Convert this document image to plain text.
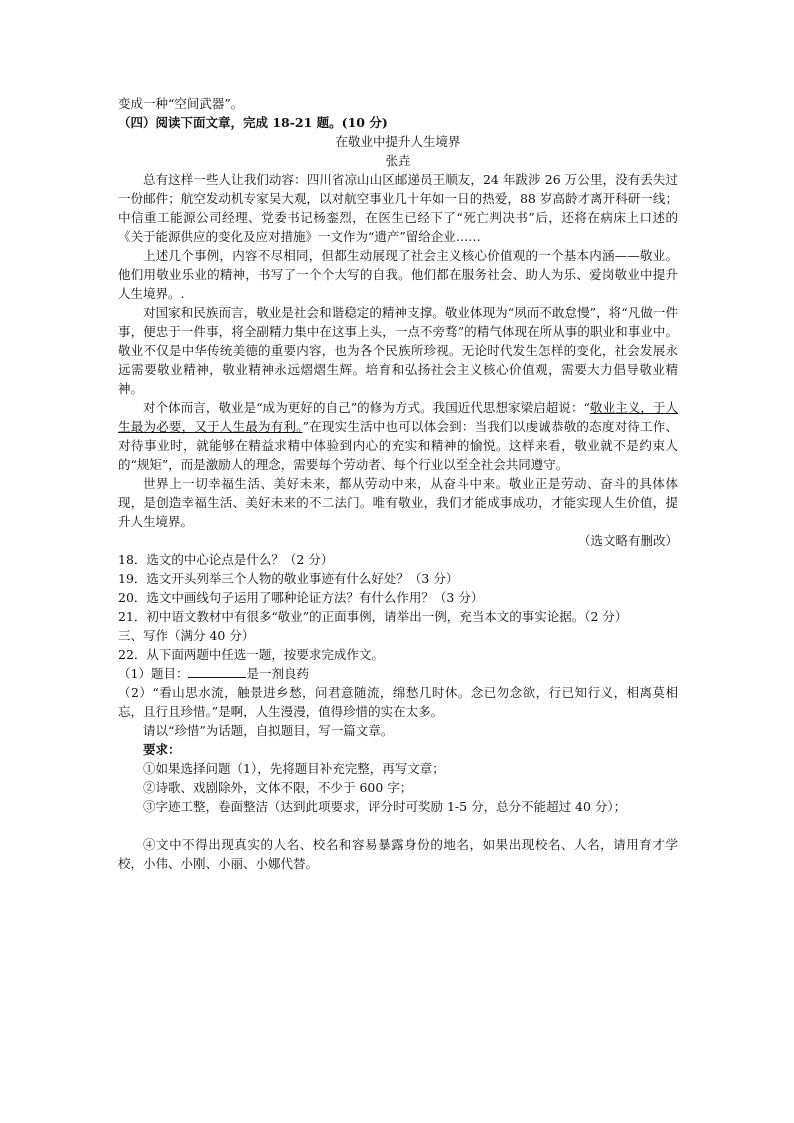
变成一种“空间武器”。

（四）阅读下面文章，完成 18-21 题。(10 分)

在敬业中提升人生境界

张垚

总有这样一些人让我们动容：四川省凉山山区邮递员王顺友，24 年跋涉 26 万公里，没有丢失过一份邮件；航空发动机专家吴大观，以对航空事业几十年如一日的热爱，88 岁高龄才离开科研一线；中信重工能源公司经理、党委书记杨銮烈，在医生已经下了“死亡判决书”后，还将在病床上口述的《关于能源供应的变化及应对措施》一文作为“遗产”留给企业……

上述几个事例，内容不尽相同，但都生动展现了社会主义核心价值观的一个基本内涵——敬业。他们用敬业乐业的精神，书写了一个个大写的自我。他们都在服务社会、助人为乐、爱岗敬业中提升人生境界。.

对国家和民族而言，敬业是社会和谐稳定的精神支撑。敬业体现为“夙而不敢怠慢”，将“凡做一件事，便忠于一件事，将全副精力集中在这事上头，一点不旁骛”的精气体现在所从事的职业和事业中。敬业不仅是中华传统美德的重要内容，也为各个民族所珍视。无论时代发生怎样的变化，社会发展永远需要敬业精神，敬业精神永远熠熠生辉。培育和弘扬社会主义核心价值观，需要大力倡导敬业精神。

对个体而言，敬业是“成为更好的自己”的修为方式。我国近代思想家梁启超说：“敬业主义，于人生最为必要，又于人生最为有利。”在现实生活中也可以体会到：当我们以虔诚恭敬的态度对待工作、对待事业时，就能够在精益求精中体验到内心的充实和精神的愉悦。这样来看，敬业就不是约束人的“规矩”，而是激励人的理念，需要每个劳动者、每个行业以至全社会共同遵守。

世界上一切幸福生活、美好未来，都从劳动中来，从奋斗中来。敬业正是劳动、奋斗的具体体现，是创造幸福生活、美好未来的不二法门。唯有敬业，我们才能成事成功，才能实现人生价值，提升人生境界。

（选文略有删改）

18．选文的中心论点是什么？（2 分）

19．选文开头列举三个人物的敬业事迹有什么好处？（3 分）

20．选文中画线句子运用了哪种论证方法？有什么作用？（3 分）

21．初中语文教材中有很多“敬业”的正面事例，请举出一例，充当本文的事实论据。（2 分）

三、写作（满分 40 分）

22．从下面两题中任选一题，按要求完成作文。

（1）题目：	是一剂良药

（2）“看山思水流，触景进乡愁，问君意随流，绵愁几时休。念已勿念欲，行已知行义，相离莫相忘，且行且珍惜。”是啊，人生漫漫，值得珍惜的实在太多。

请以“珍惜”为话题，自拟题目，写一篇文章。

要求：

①如果选择问题（1），先将题目补充完整，再写文章；

②诗歌、戏剧除外，文体不限，不少于 600 字；

③字迹工整，卷面整洁（达到此项要求，评分时可奖励 1-5 分，总分不能超过 40 分）；

④文中不得出现真实的人名、校名和容易暴露身份的地名，如果出现校名、人名，请用育才学校，小伟、小刚、小丽、小娜代替。
